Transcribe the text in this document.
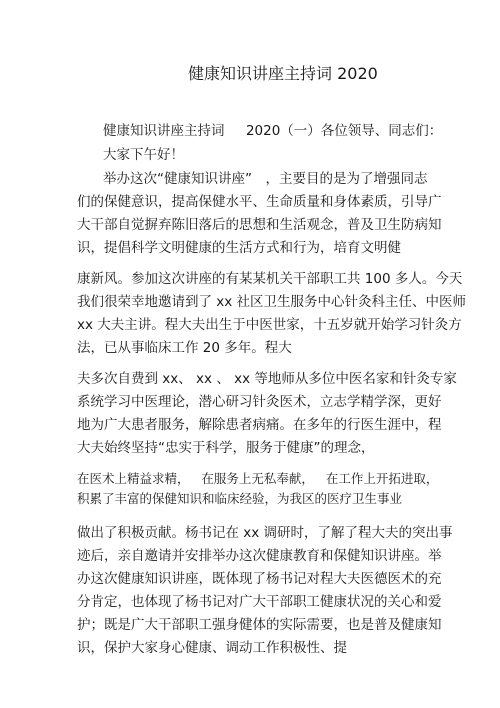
健康知识讲座主持词 2020
健康知识讲座主持词     2020（一）各位领导、同志们：
大家下午好！
举办这次“健康知识讲座”　，主要目的是为了增强同志
们的保健意识，提高保健水平、生命质量和身体素质，引导广
大干部自觉摒弃陈旧落后的思想和生活观念，普及卫生防病知
识，提倡科学文明健康的生活方式和行为，培育文明健
康新风。参加这次讲座的有某某机关干部职工共 100 多人。今天
我们很荣幸地邀请到了 xx 社区卫生服务中心针灸科主任、中医师
xx 大夫主讲。程大夫出生于中医世家，十五岁就开始学习针灸方
法，已从事临床工作 20 多年。程大
夫多次自费到 xx、 xx 、 xx 等地师从多位中医名家和针灸专家
系统学习中医理论，潜心研习针灸医术，立志学精学深，更好
地为广大患者服务，解除患者病痛。在多年的行医生涯中，程
大夫始终坚持“忠实于科学，服务于健康”的理念，
在医术上精益求精，   在服务上无私奉献，   在工作上开拓进取，
积累了丰富的保健知识和临床经验，为我区的医疗卫生事业
做出了积极贡献。杨书记在 xx 调研时，了解了程大夫的突出事
迹后，亲自邀请并安排举办这次健康教育和保健知识讲座。举
办这次健康知识讲座，既体现了杨书记对程大夫医德医术的充
分肯定，也体现了杨书记对广大干部职工健康状况的关心和爱
护；既是广大干部职工强身健体的实际需要，也是普及健康知
识，保护大家身心健康、调动工作积极性、提
